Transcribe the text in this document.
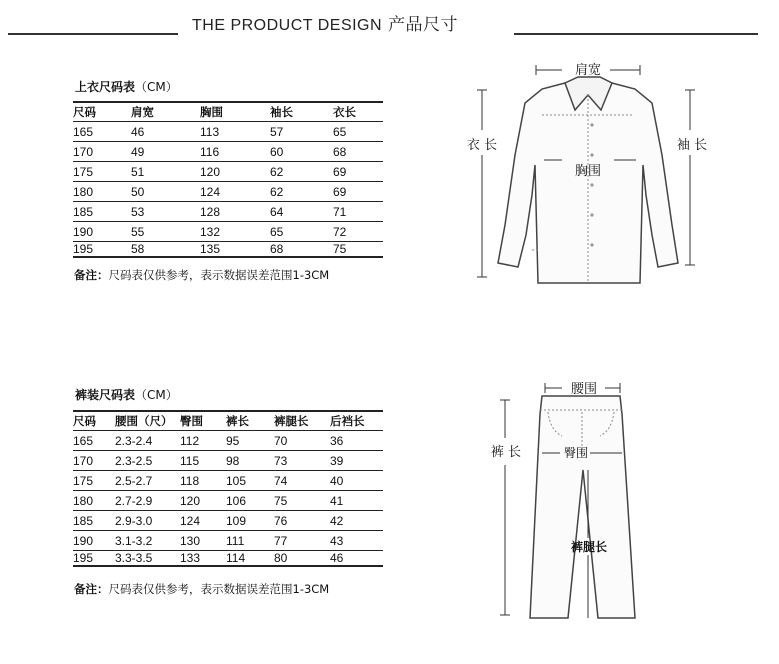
THE PRODUCT DESIGN 产品尺寸
上衣尺码表（CM）
尺码	肩宽	胸围	袖长	衣长
165	46	113	57	65
170	49	116	60	68
175	51	120	62	69
180	50	124	62	69
185	53	128	64	71
190	55	132	65	72
195	58	135	68	75
备注：尺码表仅供参考，表示数据误差范围1-3CM
裤装尺码表（CM）
尺码	腰围（尺）	臀围	裤长	裤腿长	后裆长
165	2.3-2.4	112	95	70	36
170	2.3-2.5	115	98	73	39
175	2.5-2.7	118	105	74	40
180	2.7-2.9	120	106	75	41
185	2.9-3.0	124	109	76	42
190	3.1-3.2	130	111	77	43
195	3.3-3.5	133	114	80	46
备注：尺码表仅供参考，表示数据误差范围1-3CM
肩宽
胸围
衣 长	袖 长
腰围
臀围
裤 长
裤腿长
